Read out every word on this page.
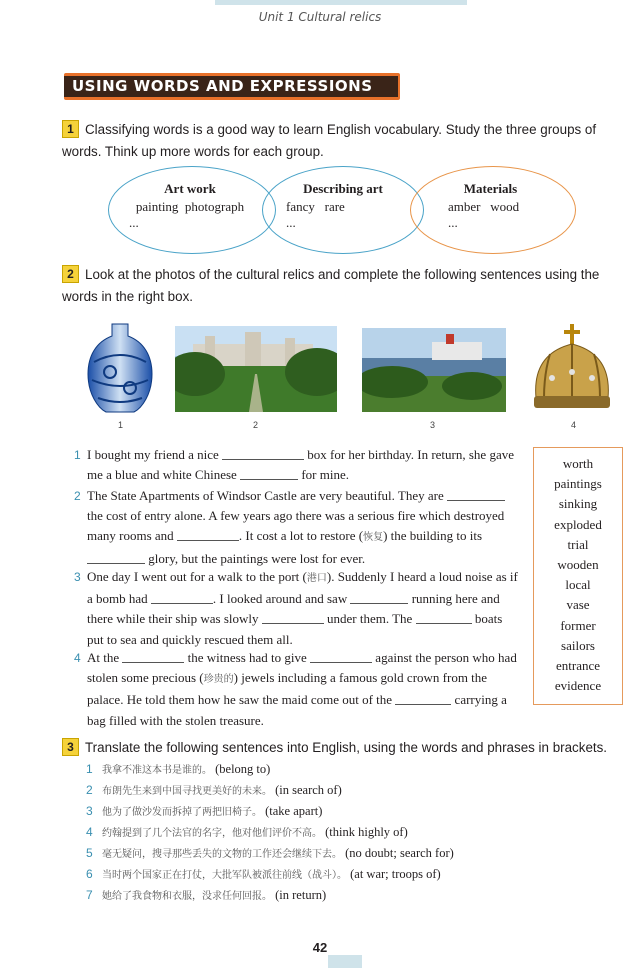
Unit 1 Cultural relics
USING WORDS AND EXPRESSIONS
1 Classifying words is a good way to learn English vocabulary. Study the three groups of words. Think up more words for each group.
Art work
painting  photograph
...
Describing art
fancy   rare
...
Materials
amber   wood
...
2 Look at the photos of the cultural relics and complete the following sentences using the words in the right box.
1	2	3	4
1 I bought my friend a nice	box for her birthday. In return, she gave me a blue and white Chinese	for mine.
2 The State Apartments of Windsor Castle are very beautiful. They are  the cost of entry alone. A few years ago there was a serious fire which destroyed many rooms and	. It cost a lot to restore (恢复) the building to its  glory, but the paintings were lost for ever.
3 One day I went out for a walk to the port (港口). Suddenly I heard a loud noise as if a bomb had	. I looked around and saw	running here and there while their ship was slowly	under them. The	boats put to sea and quickly rescued them all.
4 At the	the witness had to give	against the person who had stolen some precious (珍贵的) jewels including a famous gold crown from the palace. He told them how he saw the maid come out of the	carrying a bag filled with the stolen treasure.
worth
paintings
sinking
exploded
trial
wooden
local
vase
former
sailors
entrance
evidence
3 Translate the following sentences into English, using the words and phrases in brackets.
1 我拿不准这本书是谁的。 (belong to)
2 布朗先生来到中国寻找更美好的未来。 (in search of)
3 他为了做沙发而拆掉了两把旧椅子。 (take apart)
4 约翰提到了几个法官的名字，他对他们评价不高。 (think highly of)
5 毫无疑问，搜寻那些丢失的文物的工作还会继续下去。 (no doubt; search for)
6 当时两个国家正在打仗，大批军队被派往前线（战斗）。 (at war; troops of)
7 她给了我食物和衣服，没求任何回报。 (in return)
42
